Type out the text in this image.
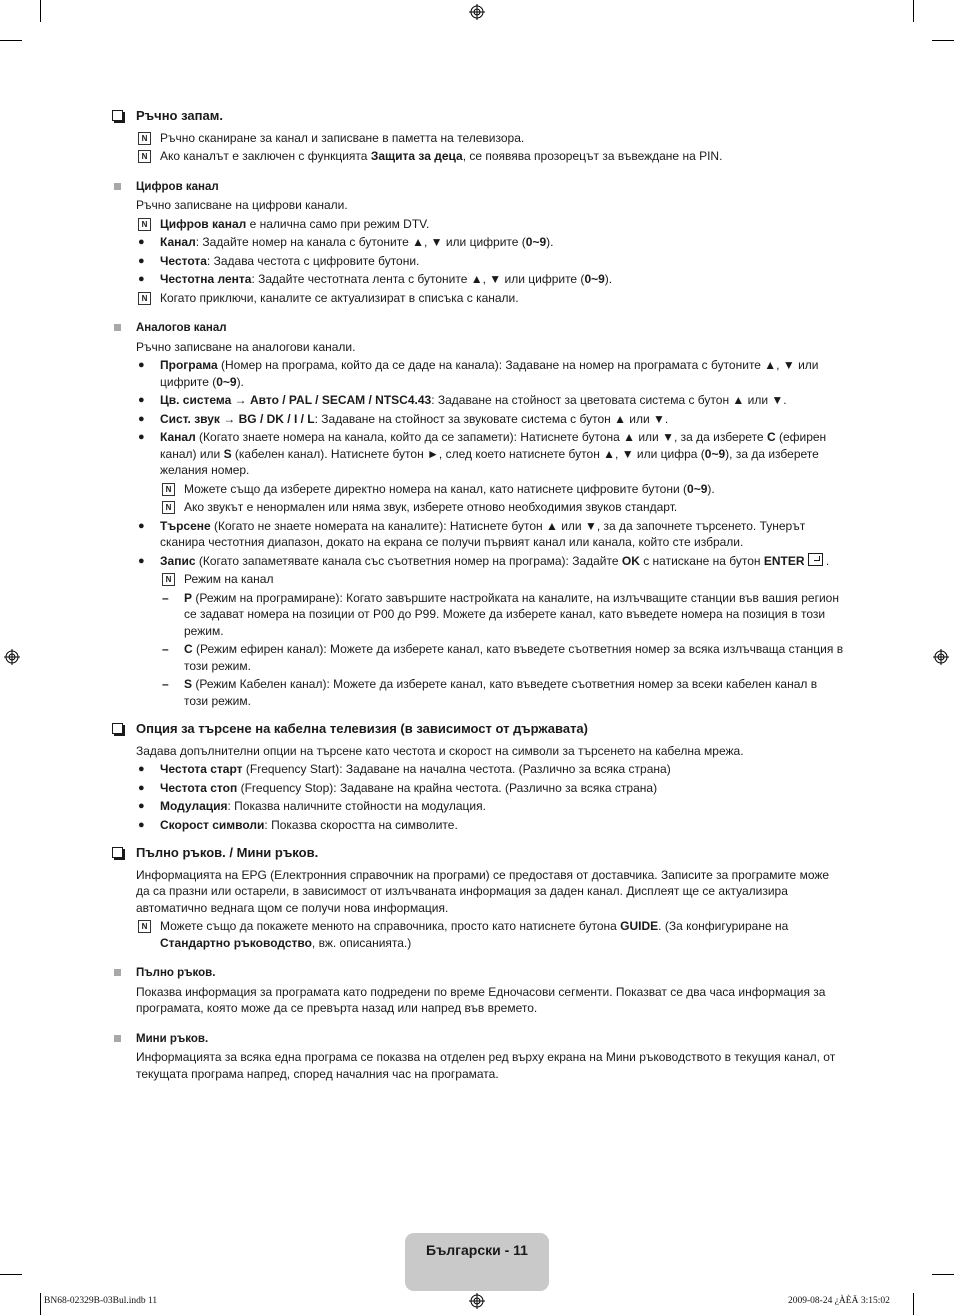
Ръчно запам.
N	Ръчно сканиране за канал и записване в паметта на телевизора.
N	Ако каналът е заключен с функцията Защита за деца, се появява прозорецът за въвеждане на PIN.
Цифров канал
Ръчно записване на цифрови канали.
N	Цифров канал е налична само при режим DTV.
● Канал: Задайте номер на канала с бутоните ▲, ▼ или цифрите (0~9).
● Честота: Задава честота с цифровите бутони.
● Честотна лента: Задайте честотната лента с бутоните ▲, ▼ или цифрите (0~9).
N	Когато приключи, каналите се актуализират в списъка с канали.
Аналогов канал
Ръчно записване на аналогови канали.
● Програма (Номер на програма, който да се даде на канала): Задаване на номер на програмата с бутоните ▲, ▼ или цифрите (0~9).
● Цв. система → Авто / PAL / SECAM / NTSC4.43: Задаване на стойност за цветовата система с бутон ▲ или ▼.
● Сист. звук → BG / DK / I / L: Задаване на стойност за звуковате система с бутон ▲ или ▼.
● Канал (Когато знаете номера на канала, който да се запамети): Натиснете бутона ▲ или ▼, за да изберете C (ефирен канал) или S (кабелен канал). Натиснете бутон ►, след което натиснете бутон ▲, ▼ или цифра (0~9), за да изберете желания номер.
N	Можете също да изберете директно номера на канал, като натиснете цифровите бутони (0~9).
N	Ако звукът е ненормален или няма звук, изберете отново необходимия звуков стандарт.
● Търсене (Когато не знаете номерата на каналите): Натиснете бутон ▲ или ▼, за да започнете търсенето. Тунерът сканира честотния диапазон, докато на екрана се получи първият канал или канала, който сте избрали.
● Запис (Когато запаметявате канала със съответния номер на програма): Задайте OK с натискане на бутон ENTER .
N	Режим на канал
– P (Режим на програмиране): Когато завършите настройката на каналите, на излъчващите станции във вашия регион се задават номера на позиции от P00 до P99. Можете да изберете канал, като въведете номера на позиция в този режим.
– C (Режим ефирен канал): Можете да изберете канал, като въведете съответния номер за всяка излъчваща станция в този режим.
– S (Режим Кабелен канал): Можете да изберете канал, като въведете съответния номер за всеки кабелен канал в този режим.
Опция за търсене на кабелна телевизия (в зависимост от държавата)
Задава допълнителни опции на търсене като честота и скорост на символи за търсенето на кабелна мрежа.
● Честота старт (Frequency Start): Задаване на начална честота. (Различно за всяка страна)
● Честота стоп (Frequency Stop): Задаване на крайна честота. (Различно за всяка страна)
● Модулация: Показва наличните стойности на модулация.
● Скорост символи: Показва скоростта на символите.
Пълно ръков. / Мини ръков.
Информацията на EPG (Електронния справочник на програми) се предоставя от доставчика. Записите за програмите може да са празни или остарели, в зависимост от излъчваната информация за даден канал. Дисплеят ще се актуализира автоматично веднага щом се получи нова информация.
N	Можете също да покажете менюто на справочника, просто като натиснете бутона GUIDE. (За конфигуриране на Стандартно ръководство, вж. описанията.)
Пълно ръков.
Показва информация за програмата като подредени по време Едночасови сегменти. Показват се два часа информация за програмата, която може да се превърта назад или напред във времето.
Мини ръков.
Информацията за всяка една програма се показва на отделен ред върху екрана на Мини ръководството в текущия канал, от текущата програма напред, според началния час на програмата.
Български - 11
BN68-02329B-03Bul.indb 11	2009-08-24 ¿ÀÈÄ 3:15:02
